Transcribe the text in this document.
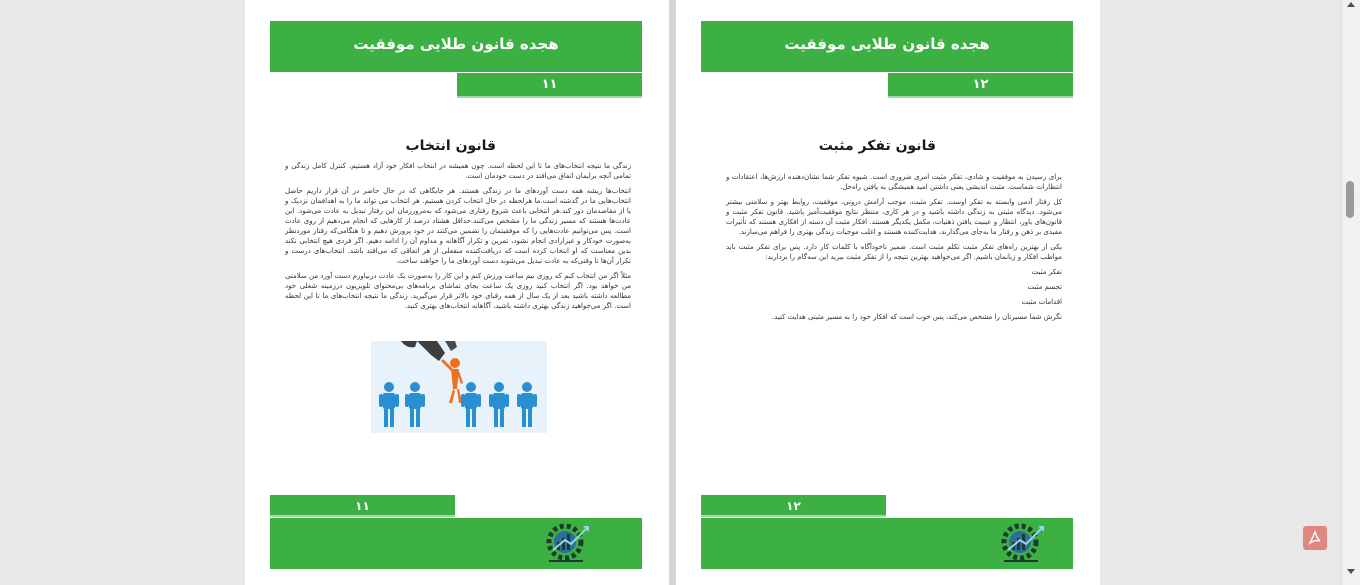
هجده قانون طلایی موفقیت
۱۱
قانون انتخاب

زندگی ما نتیجه انتخاب‌های ما تا این لحظه است. چون همیشه در انتخاب افکار خود آزاد هستیم، کنترل کامل زندگی و تمامی آنچه برایمان اتفاق می‌افتد در دست خودمان است.

انتخاب‌ها ریشه همه دست آوردهای ما در زندگی هستند. هر جایگاهی که در حال حاضر در آن قرار داریم حاصل انتخاب‌هایی ما در گذشته است.ما هرلحظه در حال انتخاب کردن هستیم. هر انتخاب می تواند ما را به اهدافمان نزدیک و یا از مقاصدمان دور کند.هر انتخابی باعث شروع رفتاری می‌شود که به‌مرورزمان این رفتار تبدیل به عادت می‌شود. این عادت‌ها هستند که مسیر زندگی ما را مشخص می‌کنند.حداقل هشتاد درصد از کارهایی که انجام می‌دهیم از روی عادت است. پس می‌توانیم عادت‌هایی را که موفقیتمان را تضمین می‌کنند در خود پرورش دهیم و تا هنگامی‌که رفتار موردنظر به‌صورت خودکار و غیرارادی انجام نشود، تمرین و تکرار آگاهانه و مداوم آن را ادامه دهیم. اگر فردی هیچ انتخابی نکند بدین معناست که او انتخاب کرده است که دریافت‌کننده منفعلی از هر اتفاقی که می‌افتد باشد. انتخاب‌های درست و تکرار آن‌ها تا وقتی‌که به عادت تبدیل می‌شوند دست آوردهای ما را خواهند ساخت.

مثلاً اگر من انتخاب کنم که روزی نیم ساعت ورزش کنم و این کار را به‌صورت یک عادت دربیاورم دست آورد من سلامتی من خواهد بود. اگر انتخاب کنید روزی یک ساعت بجای تماشای برنامه‌های بی‌محتوای تلویزیون درزمینه شغلی خود مطالعه داشته باشید بعد از یک سال از همه رقبای خود بالاتر قرار می‌گیرید. زندگی ما نتیجه انتخاب‌های ما تا این لحظه است. اگر می‌خواهید زندگی بهتری داشته باشید، آگاهانه انتخاب‌های بهتری کنید.

۱۱
هجده قانون طلایی موفقیت
۱۲
قانون تفکر مثبت

برای رسیدن به موفقیت و شادی، تفکر مثبت امری ضروری است. شیوه تفکر شما نشان‌دهنده ارزش‌ها، اعتقادات و انتظارات شماست. مثبت اندیشی یعنی داشتن امید همیشگی به یافتن راه‌حل.

کل رفتار آدمی وابسته به تفکر اوست. تفکر مثبت، موجب آرامش درونی، موفقیت، روابط بهتر و سلامتی بیشتر می‌شود. دیدگاه مثبتی به زندگی داشته باشید و در هر کاری، منتظر نتایج موفقیت‌آمیز باشید. قانون تفکر مثبت و قانون‌های باور، انتظار و عینیت یافتن ذهنیات، مکمل یکدیگر هستند. افکار مثبت آن دسته از افکاری هستند که تأثیرات مفیدی بر ذهن و رفتار ما به‌جای می‌گذارند، هدایت‌کننده هستند و اغلب موجبات زندگی بهتری را فراهم می‌سازند.

یکی از بهترین راه‌های تفکر مثبت تکلم مثبت است. ضمیر ناخودآگاه با کلمات کار دارد. پس برای تفکر مثبت باید مواظب افکار و زبانمان باشیم. اگر می‌خواهید بهترین نتیجه را از تفکر مثبت ببرید این سه‌گام را بردارید:

تفکر مثبت

تجسم مثبت

اقدامات مثبت

نگرش شما مسیرتان را مشخص می‌کند، پس خوب است که افکار خود را به مسیر مثبتی هدایت کنید.

۱۲
